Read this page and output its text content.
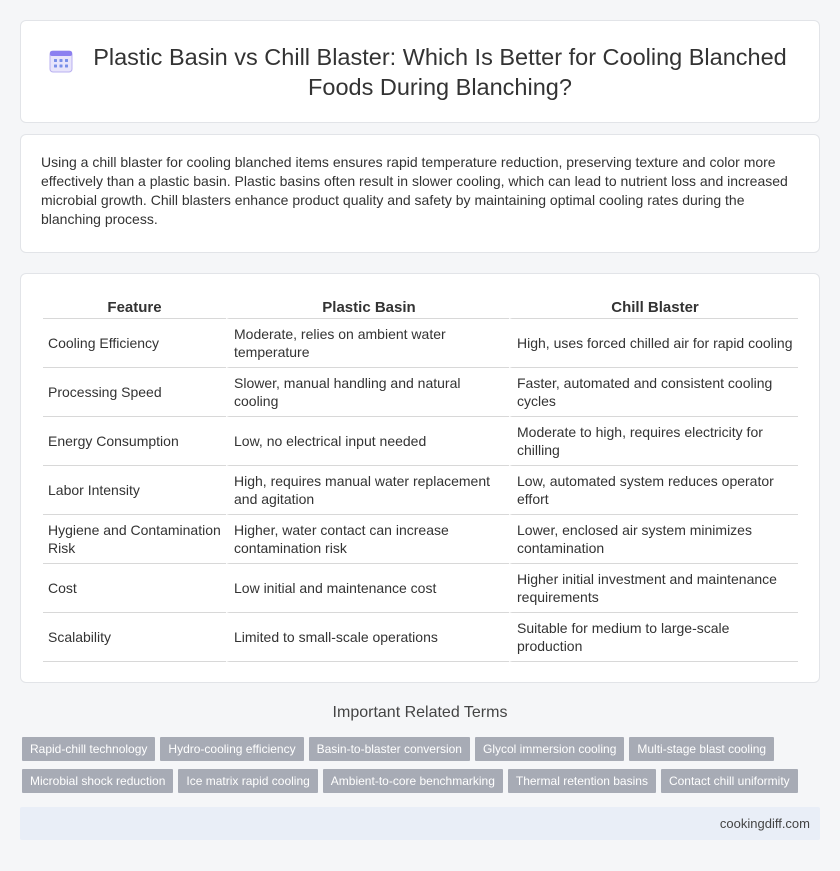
Plastic Basin vs Chill Blaster: Which Is Better for Cooling Blanched Foods During Blanching?

Using a chill blaster for cooling blanched items ensures rapid temperature reduction, preserving texture and color more effectively than a plastic basin. Plastic basins often result in slower cooling, which can lead to nutrient loss and increased microbial growth. Chill blasters enhance product quality and safety by maintaining optimal cooling rates during the blanching process.

Feature	Plastic Basin	Chill Blaster
Cooling Efficiency	Moderate, relies on ambient water temperature	High, uses forced chilled air for rapid cooling
Processing Speed	Slower, manual handling and natural cooling	Faster, automated and consistent cooling cycles
Energy Consumption	Low, no electrical input needed	Moderate to high, requires electricity for chilling
Labor Intensity	High, requires manual water replacement and agitation	Low, automated system reduces operator effort
Hygiene and Contamination Risk	Higher, water contact can increase contamination risk	Lower, enclosed air system minimizes contamination
Cost	Low initial and maintenance cost	Higher initial investment and maintenance requirements
Scalability	Limited to small-scale operations	Suitable for medium to large-scale production
Important Related Terms
Rapid-chill technology Hydro-cooling efficiency Basin-to-blaster conversion Glycol immersion cooling Multi-stage blast cooling
Microbial shock reduction Ice matrix rapid cooling Ambient-to-core benchmarking Thermal retention basins Contact chill uniformity
cookingdiff.com
